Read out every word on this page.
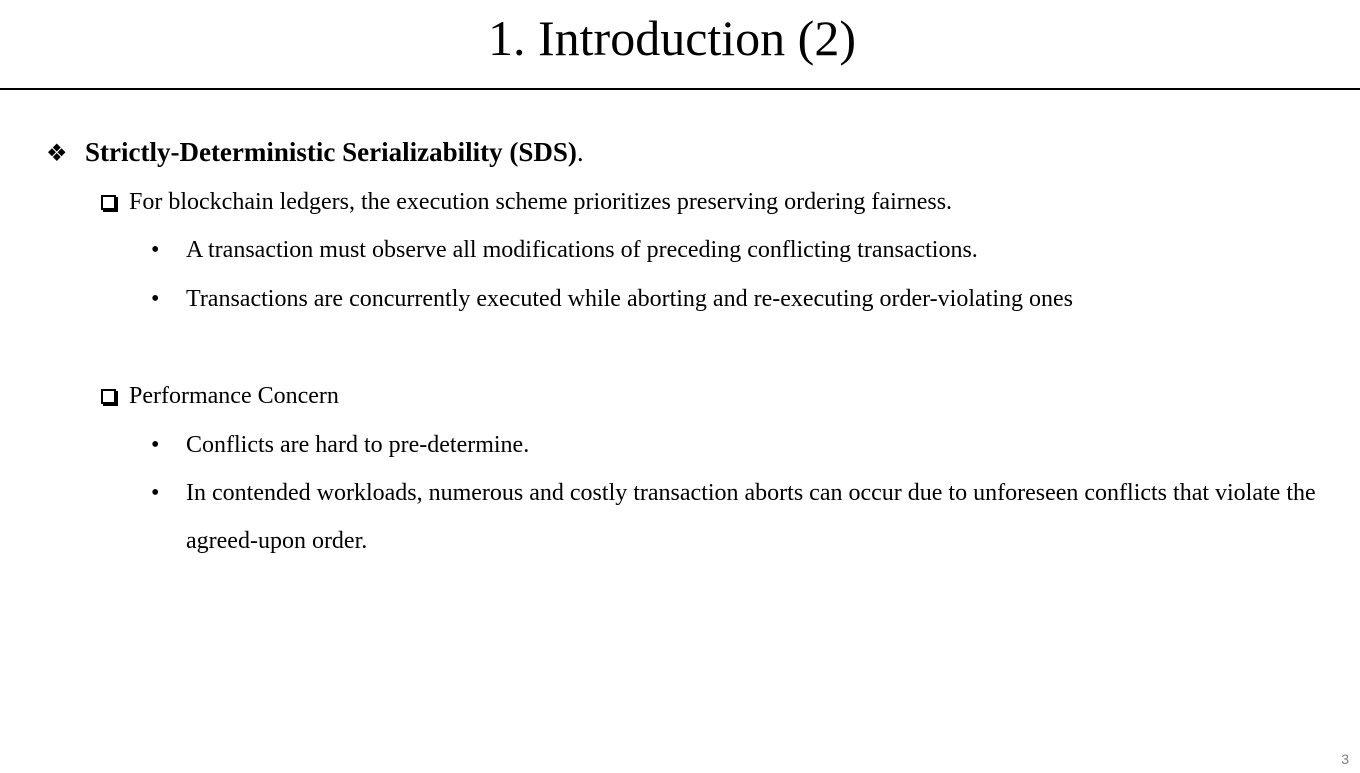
1. Introduction (2)
❖ Strictly-Deterministic Serializability (SDS).
For blockchain ledgers, the execution scheme prioritizes preserving ordering fairness.
• A transaction must observe all modifications of preceding conflicting transactions.
• Transactions are concurrently executed while aborting and re-executing order-violating ones
Performance Concern
• Conflicts are hard to pre-determine.
•	In contended workloads, numerous and costly transaction aborts can occur due to unforeseen conflicts that violate the agreed-upon order.
3
